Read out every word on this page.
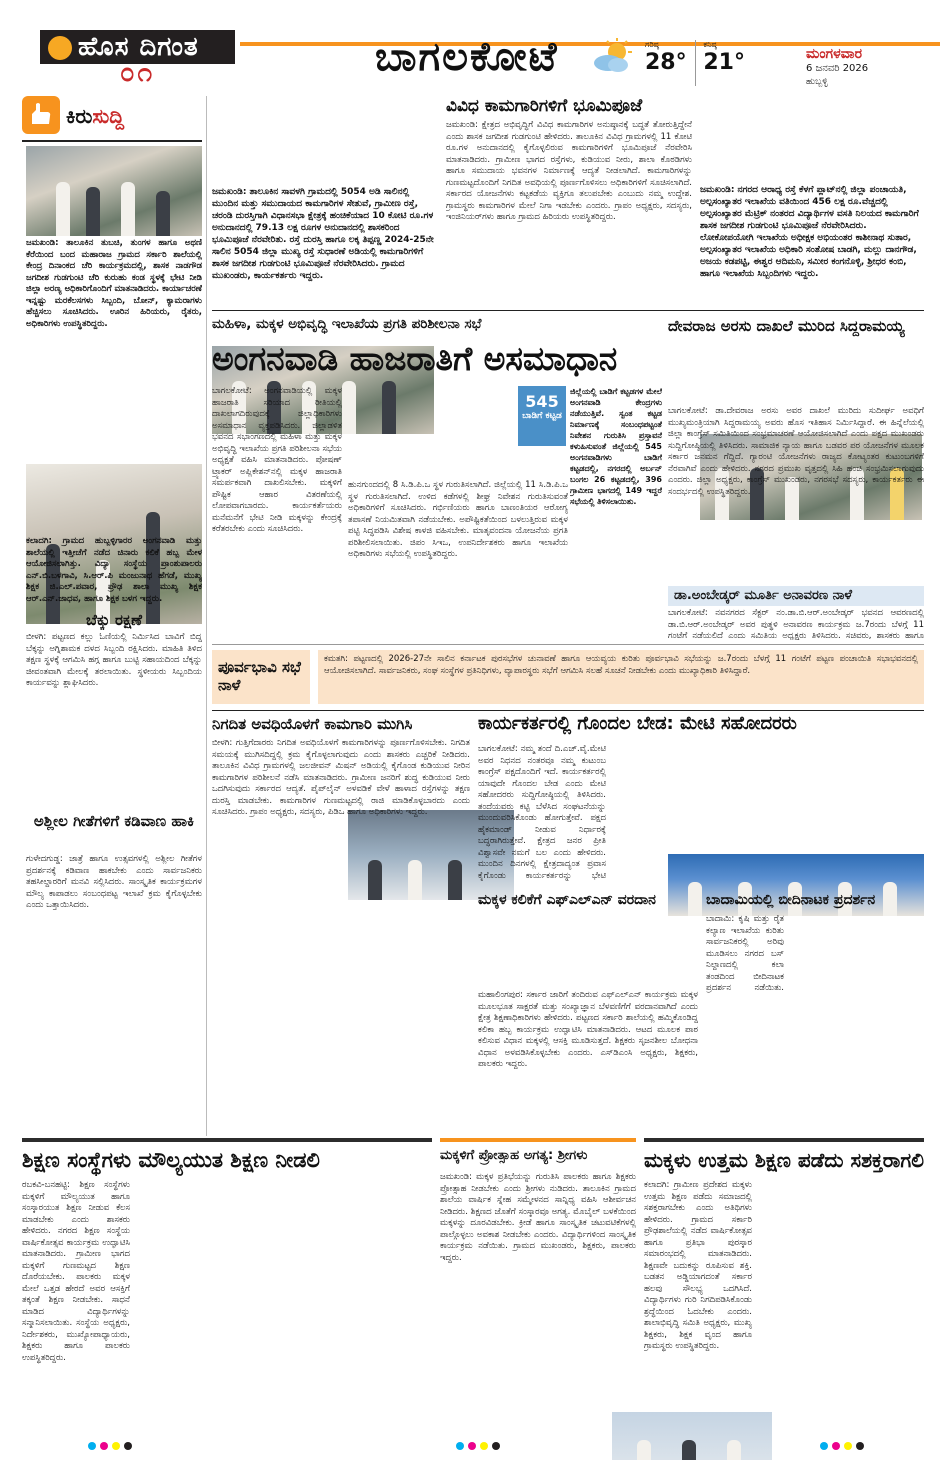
ಹೊಸ ದಿಗಂತ
೦೧	ಬಾಗಲಕೋಟೆ	ಗರಿಷ್ಠ
28°
ಕನಿಷ್ಠ
21°	ಮಂಗಳವಾರ
6 ಜನವರಿ 2026
ಹುಬ್ಬಳ್ಳಿ
ಕಿರುಸುದ್ದಿ
ಜಮಖಂಡಿ: ತಾಲೂಕಿನ ತುಬಚಿ, ತುಂಗಳ ಹಾಗೂ ಅಥಣಿ ಕೆರೆಯಿಂದ ಬಂದ ಮಹಾರಾಜ ಗ್ರಾಮದ ಸರ್ಕಾರಿ ಶಾಲೆಯಲ್ಲಿ ಕೇಂದ್ರ ದಿನಾಂಕದ ಚೆರಿ ಕಾರ್ಯಕ್ರಮದಲ್ಲಿ, ಶಾಸಕ ನಾಡಗೌಡ ಜಗದೀಶ ಗುಡಗುಂಟಿ ಚೆರಿ ಕುರುಹು ಕಂಡ ಸ್ಥಳಕ್ಕೆ ಭೇಟಿ ನೀಡಿ ಜಿಲ್ಲಾ ಅರಣ್ಯ ಅಧಿಕಾರಿಗೊಂದಿಗೆ ಮಾತನಾಡಿದರು. ಕಾರ್ಯಾಚರಣೆ ಇನ್ನಷ್ಟು ಮರಕೆಲಸಗಳು ಸಿಬ್ಬಂದಿ, ಬೋನ್, ಕ್ಯಾಮರಾಗಳು ಹೆಚ್ಚಿಸಲು ಸೂಚಿಸಿದರು. ಊರಿನ ಹಿರಿಯರು, ರೈತರು, ಅಧಿಕಾರಿಗಳು ಉಪಸ್ಥಿತರಿದ್ದರು.
ಕಲಾದಗಿ: ಗ್ರಾಮದ ಹುಬ್ಬಳ್ಳಿಗಾರರ ಅಂಗನವಾಡಿ ಮತ್ತು ಶಾಲೆಯಲ್ಲಿ ಇತ್ತೀಚೆಗೆ ನಡೆದ ಚಿನಾರು ಕಲಿಕೆ ಹಬ್ಬ ಮೇಳ ಆಯೋಜಿಸಲಾಗಿತ್ತು. ವಿದ್ಯಾ ಸಂಸ್ಥೆಯ ಪ್ರಾಂಶುಪಾಲರು ಎನ್.ಬಿ.ಬಳಗಾವಿ, ಸಿ.ಆರ್.ಪಿ ಮಂಜುನಾಥ ಹೆಗಡೆ, ಮುಖ್ಯ ಶಿಕ್ಷಕ ಜಿ.ಎಲ್.ಪವಾರ, ಪ್ರೌಢ ಶಾಲಾ ಮುಖ್ಯ ಶಿಕ್ಷಕ ಆರ್.ಎನ್.ಜಾಧವ, ಹಾಗೂ ಶಿಕ್ಷಕ ಬಳಗ ಇದ್ದರು.
ಬೆಕ್ಕು ರಕ್ಷಣೆ
ಬೀಳಗಿ: ಪಟ್ಟಣದ ಕಲ್ಲು ಓಣಿಯಲ್ಲಿ ನಿರ್ಮಿಸಿದ ಬಾವಿಗೆ ಬಿದ್ದ ಬೆಕ್ಕನ್ನು ಅಗ್ನಿಶಾಮಕ ದಳದ ಸಿಬ್ಬಂದಿ ರಕ್ಷಿಸಿದರು. ಮಾಹಿತಿ ತಿಳಿದ ತಕ್ಷಣ ಸ್ಥಳಕ್ಕೆ ಆಗಮಿಸಿ ಹಗ್ಗ ಹಾಗೂ ಬುಟ್ಟಿ ಸಹಾಯದಿಂದ ಬೆಕ್ಕನ್ನು ಜೀವಂತವಾಗಿ ಮೇಲಕ್ಕೆ ತರಲಾಯಿತು. ಸ್ಥಳೀಯರು ಸಿಬ್ಬಂದಿಯ ಕಾರ್ಯವನ್ನು ಶ್ಲಾಘಿಸಿದರು.
ಅಶ್ಲೀಲ ಗೀತೆಗಳಿಗೆ ಕಡಿವಾಣ ಹಾಕಿ
ಗುಳೇದಗುಡ್ಡ: ಜಾತ್ರೆ ಹಾಗೂ ಉತ್ಸವಗಳಲ್ಲಿ ಅಶ್ಲೀಲ ಗೀತೆಗಳ ಪ್ರದರ್ಶನಕ್ಕೆ ಕಡಿವಾಣ ಹಾಕಬೇಕು ಎಂದು ಸಾರ್ವಜನಿಕರು ತಹಸೀಲ್ದಾರರಿಗೆ ಮನವಿ ಸಲ್ಲಿಸಿದರು. ಸಾಂಸ್ಕೃತಿಕ ಕಾರ್ಯಕ್ರಮಗಳ ಮೌಲ್ಯ ಕಾಪಾಡಲು ಸಂಬಂಧಪಟ್ಟ ಇಲಾಖೆ ಕ್ರಮ ಕೈಗೊಳ್ಳಬೇಕು ಎಂದು ಒತ್ತಾಯಿಸಿದರು.
ಜಮಖಂಡಿ: ತಾಲೂಕಿನ ಸಾವಳಗಿ ಗ್ರಾಮದಲ್ಲಿ 5054 ಅಡಿ ಸಾಲಿನಲ್ಲಿ ಮುಂದಿನ ಮತ್ತು ಸಮುದಾಯದ ಕಾಮಗಾರಿಗಳ ಸೇತುವೆ, ಗ್ರಾಮೀಣ ರಸ್ತೆ, ಚರಂಡಿ ದುರಸ್ತಿಗಾಗಿ ವಿಧಾನಸಭಾ ಕ್ಷೇತ್ರಕ್ಕೆ ಹಂಚಿಕೆಯಾದ 10 ಕೋಟಿ ರೂ.ಗಳ ಅನುದಾನದಲ್ಲಿ 79.13 ಲಕ್ಷ ರೂಗಳ ಅನುದಾನದಲ್ಲಿ ಶಾಸಕರಿಂದ ಭೂಮಿಪೂಜೆ ನೆರವೇರಿತು. ರಸ್ತೆ ದುರಸ್ತಿ ಹಾಗೂ ಲಕ್ಕ ತಿಪ್ಪಣ್ಣ 2024-25ನೇ ಸಾಲಿನ 5054 ಜಿಲ್ಲಾ ಮುಖ್ಯ ರಸ್ತೆ ಸುಧಾರಣೆ ಅಡಿಯಲ್ಲಿ ಕಾಮಗಾರಿಗಳಿಗೆ ಶಾಸಕ ಜಗದೀಶ ಗುಡಗುಂಟಿ ಭೂಮಿಪೂಜೆ ನೆರವೇರಿಸಿದರು. ಗ್ರಾಮದ ಮುಖಂಡರು, ಕಾರ್ಯಕರ್ತರು ಇದ್ದರು.
ವಿವಿಧ ಕಾಮಗಾರಿಗಳಿಗೆ ಭೂಮಿಪೂಜೆ
ಜಮಖಂಡಿ: ಕ್ಷೇತ್ರದ ಅಭಿವೃದ್ಧಿಗೆ ವಿವಿಧ ಕಾಮಗಾರಿಗಳ ಅನುಷ್ಠಾನಕ್ಕೆ ಬದ್ಧತೆ ತೋರುತ್ತಿದ್ದೇನೆ ಎಂದು ಶಾಸಕ ಜಗದೀಶ ಗುಡಗುಂಟಿ ಹೇಳಿದರು. ತಾಲೂಕಿನ ವಿವಿಧ ಗ್ರಾಮಗಳಲ್ಲಿ 11 ಕೋಟಿ ರೂ.ಗಳ ಅನುದಾನದಲ್ಲಿ ಕೈಗೊಳ್ಳಲಿರುವ ಕಾಮಗಾರಿಗಳಿಗೆ ಭೂಮಿಪೂಜೆ ನೆರವೇರಿಸಿ ಮಾತನಾಡಿದರು. ಗ್ರಾಮೀಣ ಭಾಗದ ರಸ್ತೆಗಳು, ಕುಡಿಯುವ ನೀರು, ಶಾಲಾ ಕೊಠಡಿಗಳು ಹಾಗೂ ಸಮುದಾಯ ಭವನಗಳ ನಿರ್ಮಾಣಕ್ಕೆ ಆದ್ಯತೆ ನೀಡಲಾಗಿದೆ. ಕಾಮಗಾರಿಗಳನ್ನು ಗುಣಮಟ್ಟದೊಂದಿಗೆ ನಿಗದಿತ ಅವಧಿಯಲ್ಲಿ ಪೂರ್ಣಗೊಳಿಸಲು ಅಧಿಕಾರಿಗಳಿಗೆ ಸೂಚಿಸಲಾಗಿದೆ. ಸರ್ಕಾರದ ಯೋಜನೆಗಳು ಕಟ್ಟಕಡೆಯ ವ್ಯಕ್ತಿಗೂ ತಲುಪಬೇಕು ಎಂಬುದು ನಮ್ಮ ಉದ್ದೇಶ. ಗ್ರಾಮಸ್ಥರು ಕಾಮಗಾರಿಗಳ ಮೇಲೆ ನಿಗಾ ಇಡಬೇಕು ಎಂದರು. ಗ್ರಾಪಂ ಅಧ್ಯಕ್ಷರು, ಸದಸ್ಯರು, ಇಂಜಿನಿಯರ್‌ಗಳು ಹಾಗೂ ಗ್ರಾಮದ ಹಿರಿಯರು ಉಪಸ್ಥಿತರಿದ್ದರು.
ಜಮಖಂಡಿ: ನಗರದ ಆರಾಧ್ಯ ರಸ್ತೆ ಕೆಳಗೆ ಪ್ಲಾಟ್‌ನಲ್ಲಿ ಜಿಲ್ಲಾ ಪಂಚಾಯತಿ, ಅಲ್ಪಸಂಖ್ಯಾತರ ಇಲಾಖೆಯ ವತಿಯಿಂದ 456 ಲಕ್ಷ ರೂ.ವೆಚ್ಚದಲ್ಲಿ ಅಲ್ಪಸಂಖ್ಯಾತರ ಮೆಟ್ರಿಕ್ ನಂತರದ ವಿದ್ಯಾರ್ಥಿಗಳ ವಸತಿ ನಿಲಯದ ಕಾಮಗಾರಿಗೆ ಶಾಸಕ ಜಗದೀಶ ಗುಡಗುಂಟಿ ಭೂಮಿಪೂಜೆ ನೆರವೇರಿಸಿದರು. ಲೋಕೋಪಯೋಗಿ ಇಲಾಖೆಯ ಅಧೀಕ್ಷಕ ಅಭಿಯಂತರ ಕಾಶೀನಾಥ ಸುತಾರ, ಅಲ್ಪಸಂಖ್ಯಾತರ ಇಲಾಖೆಯ ಅಧಿಕಾರಿ ಸಂತೋಷ ಬಾಡಗಿ, ಮಲ್ಲು ದಾನಗೌಡ, ಅಜಯ ಕಡಪಟ್ಟಿ, ಈಶ್ವರ ಆದಿಮನಿ, ಸಮೀರ ಕಂಗನೊಳ್ಳಿ, ಶ್ರೀಧರ ಕಂಬಿ, ಹಾಗೂ ಇಲಾಖೆಯ ಸಿಬ್ಬಂದಿಗಳು ಇದ್ದರು.
ಮಹಿಳಾ, ಮಕ್ಕಳ ಅಭಿವೃದ್ಧಿ ಇಲಾಖೆಯ ಪ್ರಗತಿ ಪರಿಶೀಲನಾ ಸಭೆ
ಅಂಗನವಾಡಿ ಹಾಜರಾತಿಗೆ ಅಸಮಾಧಾನ
ಬಾಗಲಕೋಟೆ: ಅಂಗನವಾಡಿಯಲ್ಲಿ ಮಕ್ಕಳ ಹಾಜರಾತಿ ಸರಿಯಾದ ರೀತಿಯಲ್ಲಿ ದಾಖಲಾಗದಿರುವುದಕ್ಕೆ ಜಿಲ್ಲಾಧಿಕಾರಿಗಳು ಅಸಮಾಧಾನ ವ್ಯಕ್ತಪಡಿಸಿದರು. ಜಿಲ್ಲಾಡಳಿತ ಭವನದ ಸಭಾಂಗಣದಲ್ಲಿ ಮಹಿಳಾ ಮತ್ತು ಮಕ್ಕಳ ಅಭಿವೃದ್ಧಿ ಇಲಾಖೆಯ ಪ್ರಗತಿ ಪರಿಶೀಲನಾ ಸಭೆಯ ಅಧ್ಯಕ್ಷತೆ ವಹಿಸಿ ಮಾತನಾಡಿದರು. ಪೋಷಣ್ ಟ್ರ್ಯಾಕರ್ ಅಪ್ಲಿಕೇಶನ್‌ನಲ್ಲಿ ಮಕ್ಕಳ ಹಾಜರಾತಿ ಸಮರ್ಪಕವಾಗಿ ದಾಖಲಿಸಬೇಕು. ಮಕ್ಕಳಿಗೆ ಪೌಷ್ಟಿಕ ಆಹಾರ ವಿತರಣೆಯಲ್ಲಿ ಲೋಪವಾಗಬಾರದು. ಕಾರ್ಯಕರ್ತೆಯರು ಮನೆಮನೆಗೆ ಭೇಟಿ ನೀಡಿ ಮಕ್ಕಳನ್ನು ಕೇಂದ್ರಕ್ಕೆ ಕರೆತರಬೇಕು ಎಂದು ಸೂಚಿಸಿದರು.
545
ಬಾಡಿಗೆ ಕಟ್ಟಡ
ಜಿಲ್ಲೆಯಲ್ಲಿ ಬಾಡಿಗೆ ಕಟ್ಟಡಗಳ ಮೇಲೆ ಅಂಗನವಾಡಿ ಕೇಂದ್ರಗಳು ನಡೆಯುತ್ತಿವೆ. ಸ್ವಂತ ಕಟ್ಟಡ ನಿರ್ಮಾಣಕ್ಕೆ ಸಂಬಂಧಪಟ್ಟಂತೆ ನಿವೇಶನ ಗುರುತಿಸಿ ಪ್ರಸ್ತಾವನೆ ಕಳುಹಿಸುವಂತೆ ಜಿಲ್ಲೆಯಲ್ಲಿ 545 ಅಂಗನವಾಡಿಗಳು ಬಾಡಿಗೆ ಕಟ್ಟಡದಲ್ಲಿ, ನಗರದಲ್ಲಿ ಅರ್ಬನ್ ಬಂಗಲ 26 ಕಟ್ಟಡದಲ್ಲಿ, 396 ಗ್ರಾಮೀಣ ಭಾಗದಲ್ಲಿ 149 ಇದ್ದರೆ ಸಭೆಯಲ್ಲಿ ತಿಳಿಸಲಾಯಿತು.
ಹುನಗುಂದದಲ್ಲಿ 8 ಸಿ.ಡಿ.ಪಿ.ಒ ಸ್ಥಳ ಗುರುತಿಸಲಾಗಿದೆ. ಜಿಲ್ಲೆಯಲ್ಲಿ 11 ಸಿ.ಡಿ.ಪಿ.ಒ ಸ್ಥಳ ಗುರುತಿಸಲಾಗಿದೆ. ಉಳಿದ ಕಡೆಗಳಲ್ಲಿ ಶೀಘ್ರ ನಿವೇಶನ ಗುರುತಿಸುವಂತೆ ಅಧಿಕಾರಿಗಳಿಗೆ ಸೂಚಿಸಿದರು. ಗರ್ಭಿಣಿಯರು ಹಾಗೂ ಬಾಣಂತಿಯರ ಆರೋಗ್ಯ ತಪಾಸಣೆ ನಿಯಮಿತವಾಗಿ ನಡೆಯಬೇಕು. ಅಪೌಷ್ಟಿಕತೆಯಿಂದ ಬಳಲುತ್ತಿರುವ ಮಕ್ಕಳ ಪಟ್ಟಿ ಸಿದ್ಧಪಡಿಸಿ ವಿಶೇಷ ಕಾಳಜಿ ವಹಿಸಬೇಕು. ಮಾತೃವಂದನಾ ಯೋಜನೆಯ ಪ್ರಗತಿ ಪರಿಶೀಲಿಸಲಾಯಿತು. ಜಿಪಂ ಸಿಇಒ, ಉಪನಿರ್ದೇಶಕರು ಹಾಗೂ ಇಲಾಖೆಯ ಅಧಿಕಾರಿಗಳು ಸಭೆಯಲ್ಲಿ ಉಪಸ್ಥಿತರಿದ್ದರು.
ದೇವರಾಜ ಅರಸು ದಾಖಲೆ ಮುರಿದ ಸಿದ್ದರಾಮಯ್ಯ
ಬಾಗಲಕೋಟೆ: ಡಾ.ದೇವರಾಜ ಅರಸು ಅವರ ದಾಖಲೆ ಮುರಿದು ಸುದೀರ್ಘ ಅವಧಿಗೆ ಮುಖ್ಯಮಂತ್ರಿಯಾಗಿ ಸಿದ್ದರಾಮಯ್ಯ ಅವರು ಹೊಸ ಇತಿಹಾಸ ನಿರ್ಮಿಸಿದ್ದಾರೆ. ಈ ಹಿನ್ನೆಲೆಯಲ್ಲಿ ಜಿಲ್ಲಾ ಕಾಂಗ್ರೆಸ್ ಸಮಿತಿಯಿಂದ ಸಂಭ್ರಮಾಚರಣೆ ಆಯೋಜಿಸಲಾಗಿದೆ ಎಂದು ಪಕ್ಷದ ಮುಖಂಡರು ಸುದ್ದಿಗೋಷ್ಠಿಯಲ್ಲಿ ತಿಳಿಸಿದರು. ಸಾಮಾಜಿಕ ನ್ಯಾಯ ಹಾಗೂ ಬಡವರ ಪರ ಯೋಜನೆಗಳ ಮೂಲಕ ಸರ್ಕಾರ ಜನಮನ ಗೆದ್ದಿದೆ. ಗ್ಯಾರಂಟಿ ಯೋಜನೆಗಳು ರಾಜ್ಯದ ಕೋಟ್ಯಂತರ ಕುಟುಂಬಗಳಿಗೆ ನೆರವಾಗಿವೆ ಎಂದು ಹೇಳಿದರು. ನಗರದ ಪ್ರಮುಖ ವೃತ್ತದಲ್ಲಿ ಸಿಹಿ ಹಂಚಿ ಸಂಭ್ರಮಿಸಲಾಗುವುದು ಎಂದರು. ಜಿಲ್ಲಾ ಅಧ್ಯಕ್ಷರು, ಕಾಂಗ್ರೆಸ್ ಮುಖಂಡರು, ನಗರಸಭೆ ಸದಸ್ಯರು, ಕಾರ್ಯಕರ್ತರು ಈ ಸಂದರ್ಭದಲ್ಲಿ ಉಪಸ್ಥಿತರಿದ್ದರು.
ಡಾ.ಅಂಬೇಡ್ಕರ್ ಮೂರ್ತಿ ಅನಾವರಣ ನಾಳೆ
ಬಾಗಲಕೋಟೆ: ನವನಗರದ ಸೆಕ್ಟರ್ ನಂ.ಡಾ.ಬಿ.ಆರ್.ಅಂಬೇಡ್ಕರ್ ಭವನದ ಆವರಣದಲ್ಲಿ ಡಾ.ಬಿ.ಆರ್.ಅಂಬೇಡ್ಕರ್ ಅವರ ಪುತ್ಥಳಿ ಅನಾವರಣ ಕಾರ್ಯಕ್ರಮ ಜ.7ರಂದು ಬೆಳಗ್ಗೆ 11 ಗಂಟೆಗೆ ನಡೆಯಲಿದೆ ಎಂದು ಸಮಿತಿಯ ಅಧ್ಯಕ್ಷರು ತಿಳಿಸಿದರು. ಸಚಿವರು, ಶಾಸಕರು ಹಾಗೂ
ಪೂರ್ವಭಾವಿ ಸಭೆ ನಾಳೆ
ಕಮತಗಿ: ಪಟ್ಟಣದಲ್ಲಿ 2026-27ನೇ ಸಾಲಿನ ಕರ್ನಾಟಕ ಪುರಸಭೆಗಳ ಚುನಾವಣೆ ಹಾಗೂ ಆಯವ್ಯಯ ಕುರಿತು ಪೂರ್ವಭಾವಿ ಸಭೆಯನ್ನು ಜ.7ರಂದು ಬೆಳಗ್ಗೆ 11 ಗಂಟೆಗೆ ಪಟ್ಟಣ ಪಂಚಾಯಿತಿ ಸಭಾಭವನದಲ್ಲಿ ಆಯೋಜಿಸಲಾಗಿದೆ. ಸಾರ್ವಜನಿಕರು, ಸಂಘ ಸಂಸ್ಥೆಗಳ ಪ್ರತಿನಿಧಿಗಳು, ವ್ಯಾಪಾರಸ್ಥರು ಸಭೆಗೆ ಆಗಮಿಸಿ ಸಲಹೆ ಸೂಚನೆ ನೀಡಬೇಕು ಎಂದು ಮುಖ್ಯಾಧಿಕಾರಿ ತಿಳಿಸಿದ್ದಾರೆ.
ನಿಗದಿತ ಅವಧಿಯೊಳಗೆ ಕಾಮಗಾರಿ ಮುಗಿಸಿ
ಬೀಳಗಿ: ಗುತ್ತಿಗೆದಾರರು ನಿಗದಿತ ಅವಧಿಯೊಳಗೆ ಕಾಮಗಾರಿಗಳನ್ನು ಪೂರ್ಣಗೊಳಿಸಬೇಕು. ನಿಗದಿತ ಸಮಯಕ್ಕೆ ಮುಗಿಸದಿದ್ದಲ್ಲಿ ಕ್ರಮ ಕೈಗೊಳ್ಳಲಾಗುವುದು ಎಂದು ಶಾಸಕರು ಎಚ್ಚರಿಕೆ ನೀಡಿದರು. ತಾಲೂಕಿನ ವಿವಿಧ ಗ್ರಾಮಗಳಲ್ಲಿ ಜಲಜೀವನ್ ಮಿಷನ್ ಅಡಿಯಲ್ಲಿ ಕೈಗೊಂಡ ಕುಡಿಯುವ ನೀರಿನ ಕಾಮಗಾರಿಗಳ ಪರಿಶೀಲನೆ ನಡೆಸಿ ಮಾತನಾಡಿದರು. ಗ್ರಾಮೀಣ ಜನರಿಗೆ ಶುದ್ಧ ಕುಡಿಯುವ ನೀರು ಒದಗಿಸುವುದು ಸರ್ಕಾರದ ಆದ್ಯತೆ. ಪೈಪ್‌ಲೈನ್ ಅಳವಡಿಕೆ ವೇಳೆ ಹಾಳಾದ ರಸ್ತೆಗಳನ್ನು ತಕ್ಷಣ ದುರಸ್ತಿ ಮಾಡಬೇಕು. ಕಾಮಗಾರಿಗಳ ಗುಣಮಟ್ಟದಲ್ಲಿ ರಾಜಿ ಮಾಡಿಕೊಳ್ಳಬಾರದು ಎಂದು ಸೂಚಿಸಿದರು. ಗ್ರಾಪಂ ಅಧ್ಯಕ್ಷರು, ಸದಸ್ಯರು, ಪಿಡಿಒ ಹಾಗೂ ಅಧಿಕಾರಿಗಳು ಇದ್ದರು.
ಕಾರ್ಯಕರ್ತರಲ್ಲಿ ಗೊಂದಲ ಬೇಡ: ಮೇಟಿ ಸಹೋದರರು
ಬಾಗಲಕೋಟೆ: ನಮ್ಮ ತಂದೆ ದಿ.ಎಚ್.ವೈ.ಮೇಟಿ ಅವರ ನಿಧನದ ನಂತರವೂ ನಮ್ಮ ಕುಟುಂಬ ಕಾಂಗ್ರೆಸ್ ಪಕ್ಷದೊಂದಿಗೆ ಇದೆ. ಕಾರ್ಯಕರ್ತರಲ್ಲಿ ಯಾವುದೇ ಗೊಂದಲ ಬೇಡ ಎಂದು ಮೇಟಿ ಸಹೋದರರು ಸುದ್ದಿಗೋಷ್ಠಿಯಲ್ಲಿ ತಿಳಿಸಿದರು. ತಂದೆಯವರು ಕಟ್ಟಿ ಬೆಳೆಸಿದ ಸಂಘಟನೆಯನ್ನು ಮುಂದುವರಿಸಿಕೊಂಡು ಹೋಗುತ್ತೇವೆ. ಪಕ್ಷದ ಹೈಕಮಾಂಡ್ ನೀಡುವ ನಿರ್ಧಾರಕ್ಕೆ ಬದ್ಧರಾಗಿರುತ್ತೇವೆ. ಕ್ಷೇತ್ರದ ಜನರ ಪ್ರೀತಿ ವಿಶ್ವಾಸವೇ ನಮಗೆ ಬಲ ಎಂದು ಹೇಳಿದರು. ಮುಂದಿನ ದಿನಗಳಲ್ಲಿ ಕ್ಷೇತ್ರದಾದ್ಯಂತ ಪ್ರವಾಸ ಕೈಗೊಂಡು ಕಾರ್ಯಕರ್ತರನ್ನು ಭೇಟಿ
ಮಕ್ಕಳ ಕಲಿಕೆಗೆ ಎಫ್‌ಎಲ್‌ಎನ್ ವರದಾನ
ಮಹಾಲಿಂಗಪುರ: ಸರ್ಕಾರ ಜಾರಿಗೆ ತಂದಿರುವ ಎಫ್‌ಎಲ್‌ಎನ್ ಕಾರ್ಯಕ್ರಮ ಮಕ್ಕಳ ಮೂಲಭೂತ ಸಾಕ್ಷರತೆ ಮತ್ತು ಸಂಖ್ಯಾಜ್ಞಾನ ಬೆಳವಣಿಗೆಗೆ ವರದಾನವಾಗಿದೆ ಎಂದು ಕ್ಷೇತ್ರ ಶಿಕ್ಷಣಾಧಿಕಾರಿಗಳು ಹೇಳಿದರು. ಪಟ್ಟಣದ ಸರ್ಕಾರಿ ಶಾಲೆಯಲ್ಲಿ ಹಮ್ಮಿಕೊಂಡಿದ್ದ ಕಲಿಕಾ ಹಬ್ಬ ಕಾರ್ಯಕ್ರಮ ಉದ್ಘಾಟಿಸಿ ಮಾತನಾಡಿದರು. ಆಟದ ಮೂಲಕ ಪಾಠ ಕಲಿಸುವ ವಿಧಾನ ಮಕ್ಕಳಲ್ಲಿ ಆಸಕ್ತಿ ಮೂಡಿಸುತ್ತದೆ. ಶಿಕ್ಷಕರು ಸೃಜನಶೀಲ ಬೋಧನಾ ವಿಧಾನ ಅಳವಡಿಸಿಕೊಳ್ಳಬೇಕು ಎಂದರು. ಎಸ್‌ಡಿಎಂಸಿ ಅಧ್ಯಕ್ಷರು, ಶಿಕ್ಷಕರು, ಪಾಲಕರು ಇದ್ದರು.
ಬಾದಾಮಿಯಲ್ಲಿ ಬೀದಿನಾಟಕ ಪ್ರದರ್ಶನ
ಬಾದಾಮಿ: ಕೃಷಿ ಮತ್ತು ರೈತ ಕಲ್ಯಾಣ ಇಲಾಖೆಯ ಕುರಿತು ಸಾರ್ವಜನಿಕರಲ್ಲಿ ಅರಿವು ಮೂಡಿಸಲು ನಗರದ ಬಸ್ ನಿಲ್ದಾಣದಲ್ಲಿ ಕಲಾ ತಂಡದಿಂದ ಬೀದಿನಾಟಕ ಪ್ರದರ್ಶನ ನಡೆಯಿತು.
ಶಿಕ್ಷಣ ಸಂಸ್ಥೆಗಳು ಮೌಲ್ಯಯುತ ಶಿಕ್ಷಣ ನೀಡಲಿ
ರಬಕವಿ-ಬನಹಟ್ಟಿ: ಶಿಕ್ಷಣ ಸಂಸ್ಥೆಗಳು ಮಕ್ಕಳಿಗೆ ಮೌಲ್ಯಯುತ ಹಾಗೂ ಸಂಸ್ಕಾರಯುತ ಶಿಕ್ಷಣ ನೀಡುವ ಕೆಲಸ ಮಾಡಬೇಕು ಎಂದು ಶಾಸಕರು ಹೇಳಿದರು. ನಗರದ ಶಿಕ್ಷಣ ಸಂಸ್ಥೆಯ ವಾರ್ಷಿಕೋತ್ಸವ ಕಾರ್ಯಕ್ರಮ ಉದ್ಘಾಟಿಸಿ ಮಾತನಾಡಿದರು. ಗ್ರಾಮೀಣ ಭಾಗದ ಮಕ್ಕಳಿಗೆ ಗುಣಮಟ್ಟದ ಶಿಕ್ಷಣ ದೊರೆಯಬೇಕು. ಪಾಲಕರು ಮಕ್ಕಳ ಮೇಲೆ ಒತ್ತಡ ಹೇರದೆ ಅವರ ಆಸಕ್ತಿಗೆ ತಕ್ಕಂತೆ ಶಿಕ್ಷಣ ನೀಡಬೇಕು. ಸಾಧನೆ ಮಾಡಿದ ವಿದ್ಯಾರ್ಥಿಗಳನ್ನು ಸನ್ಮಾನಿಸಲಾಯಿತು. ಸಂಸ್ಥೆಯ ಅಧ್ಯಕ್ಷರು, ನಿರ್ದೇಶಕರು, ಮುಖ್ಯೋಪಾಧ್ಯಾಯರು, ಶಿಕ್ಷಕರು ಹಾಗೂ ಪಾಲಕರು ಉಪಸ್ಥಿತರಿದ್ದರು.
ಮಕ್ಕಳಿಗೆ ಪ್ರೋತ್ಸಾಹ ಅಗತ್ಯ: ಶ್ರೀಗಳು
ಜಮಖಂಡಿ: ಮಕ್ಕಳ ಪ್ರತಿಭೆಯನ್ನು ಗುರುತಿಸಿ ಪಾಲಕರು ಹಾಗೂ ಶಿಕ್ಷಕರು ಪ್ರೋತ್ಸಾಹ ನೀಡಬೇಕು ಎಂದು ಶ್ರೀಗಳು ನುಡಿದರು. ತಾಲೂಕಿನ ಗ್ರಾಮದ ಶಾಲೆಯ ವಾರ್ಷಿಕ ಸ್ನೇಹ ಸಮ್ಮೇಳನದ ಸಾನ್ನಿಧ್ಯ ವಹಿಸಿ ಆಶೀರ್ವಚನ ನೀಡಿದರು. ಶಿಕ್ಷಣದ ಜೊತೆಗೆ ಸಂಸ್ಕಾರವೂ ಅಗತ್ಯ. ಮೊಬೈಲ್ ಬಳಕೆಯಿಂದ ಮಕ್ಕಳನ್ನು ದೂರವಿಡಬೇಕು. ಕ್ರೀಡೆ ಹಾಗೂ ಸಾಂಸ್ಕೃತಿಕ ಚಟುವಟಿಕೆಗಳಲ್ಲಿ ಪಾಲ್ಗೊಳ್ಳಲು ಅವಕಾಶ ನೀಡಬೇಕು ಎಂದರು. ವಿದ್ಯಾರ್ಥಿಗಳಿಂದ ಸಾಂಸ್ಕೃತಿಕ ಕಾರ್ಯಕ್ರಮ ನಡೆಯಿತು. ಗ್ರಾಮದ ಮುಖಂಡರು, ಶಿಕ್ಷಕರು, ಪಾಲಕರು ಇದ್ದರು.
ಮಕ್ಕಳು ಉತ್ತಮ ಶಿಕ್ಷಣ ಪಡೆದು ಸಶಕ್ತರಾಗಲಿ
ಕಲಾದಗಿ: ಗ್ರಾಮೀಣ ಪ್ರದೇಶದ ಮಕ್ಕಳು ಉತ್ತಮ ಶಿಕ್ಷಣ ಪಡೆದು ಸಮಾಜದಲ್ಲಿ ಸಶಕ್ತರಾಗಬೇಕು ಎಂದು ಅತಿಥಿಗಳು ಹೇಳಿದರು. ಗ್ರಾಮದ ಸರ್ಕಾರಿ ಪ್ರೌಢಶಾಲೆಯಲ್ಲಿ ನಡೆದ ವಾರ್ಷಿಕೋತ್ಸವ ಹಾಗೂ ಪ್ರತಿಭಾ ಪುರಸ್ಕಾರ ಸಮಾರಂಭದಲ್ಲಿ ಮಾತನಾಡಿದರು. ಶಿಕ್ಷಣವೇ ಬದುಕನ್ನು ರೂಪಿಸುವ ಶಕ್ತಿ. ಬಡತನ ಅಡ್ಡಿಯಾಗದಂತೆ ಸರ್ಕಾರ ಹಲವು ಸೌಲಭ್ಯ ಒದಗಿಸಿದೆ. ವಿದ್ಯಾರ್ಥಿಗಳು ಗುರಿ ನಿಗದಿಪಡಿಸಿಕೊಂಡು ಶ್ರದ್ಧೆಯಿಂದ ಓದಬೇಕು ಎಂದರು. ಶಾಲಾಭಿವೃದ್ಧಿ ಸಮಿತಿ ಅಧ್ಯಕ್ಷರು, ಮುಖ್ಯ ಶಿಕ್ಷಕರು, ಶಿಕ್ಷಕ ವೃಂದ ಹಾಗೂ ಗ್ರಾಮಸ್ಥರು ಉಪಸ್ಥಿತರಿದ್ದರು.
